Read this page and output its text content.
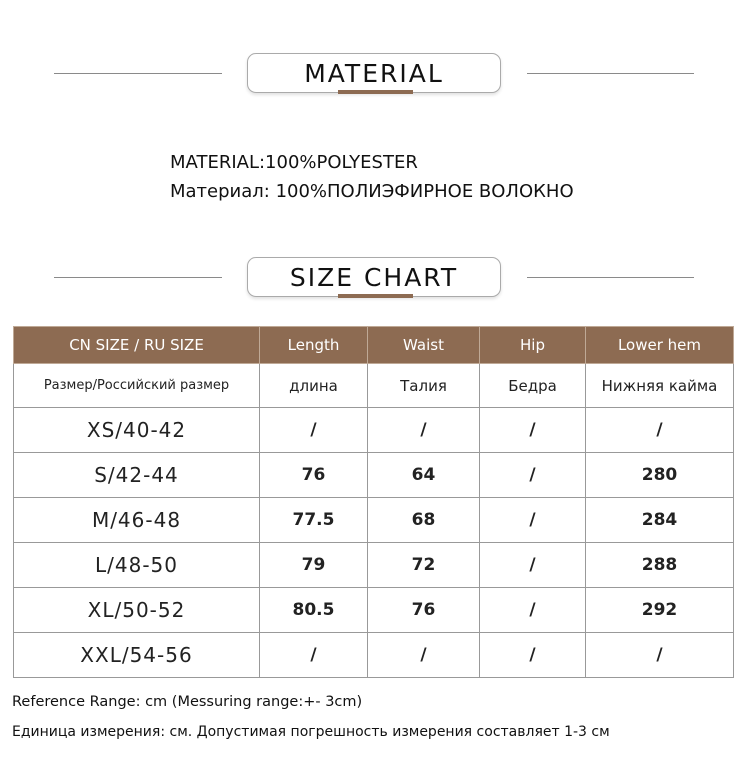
MATERIAL
MATERIAL:100%POLYESTER
Материал: 100%ПОЛИЭФИРНОЕ ВОЛОКНО
SIZE CHART
CN SIZE / RU SIZE	Length	Waist	Hip	Lower hem
Размер/Российский размер	длина	Талия	Бедра	Нижняя кайма
XS/40-42	/	/	/	/
S/42-44	76	64	/	280
M/46-48	77.5	68	/	284
L/48-50	79	72	/	288
XL/50-52	80.5	76	/	292
XXL/54-56	/	/	/	/
Reference Range: cm (Messuring range:+- 3cm)
Единица измерения: см. Допустимая погрешность измерения составляет 1-3 см
